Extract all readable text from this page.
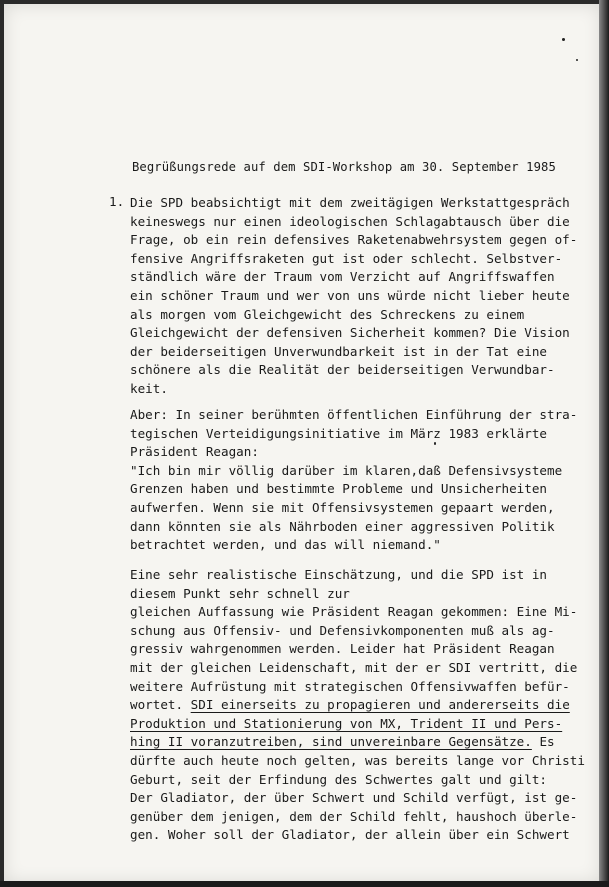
Begrüßungsrede auf dem SDI-Workshop am 30. September 1985
1. Die SPD beabsichtigt mit dem zweitägigen Werkstattgespräch
keineswegs nur einen ideologischen Schlagabtausch über die
Frage, ob ein rein defensives Raketenabwehrsystem gegen of-
fensive Angriffsraketen gut ist oder schlecht. Selbstver-
ständlich wäre der Traum vom Verzicht auf Angriffswaffen
ein schöner Traum und wer von uns würde nicht lieber heute
als morgen vom Gleichgewicht des Schreckens zu einem
Gleichgewicht der defensiven Sicherheit kommen? Die Vision
der beiderseitigen Unverwundbarkeit ist in der Tat eine
schönere als die Realität der beiderseitigen Verwundbar-
keit.
Aber: In seiner berühmten öffentlichen Einführung der stra-
tegischen Verteidigungsinitiative im März 1983 erklärte
Präsident Reagan:
"Ich bin mir völlig darüber im klaren,daß Defensivsysteme
Grenzen haben und bestimmte Probleme und Unsicherheiten
aufwerfen. Wenn sie mit Offensivsystemen gepaart werden,
dann könnten sie als Nährboden einer aggressiven Politik
betrachtet werden, und das will niemand."
Eine sehr realistische Einschätzung, und die SPD ist in
diesem Punkt sehr schnell zur
gleichen Auffassung wie Präsident Reagan gekommen: Eine Mi-
schung aus Offensiv- und Defensivkomponenten muß als ag-
gressiv wahrgenommen werden. Leider hat Präsident Reagan
mit der gleichen Leidenschaft, mit der er SDI vertritt, die
weitere Aufrüstung mit strategischen Offensivwaffen befür-
wortet. SDI einerseits zu propagieren und andererseits die
Produktion und Stationierung von MX, Trident II und Pers-
hing II voranzutreiben, sind unvereinbare Gegensätze. Es
dürfte auch heute noch gelten, was bereits lange vor Christi
Geburt, seit der Erfindung des Schwertes galt und gilt:
Der Gladiator, der über Schwert und Schild verfügt, ist ge-
genüber dem jenigen, dem der Schild fehlt, haushoch überle-
gen. Woher soll der Gladiator, der allein über ein Schwert
